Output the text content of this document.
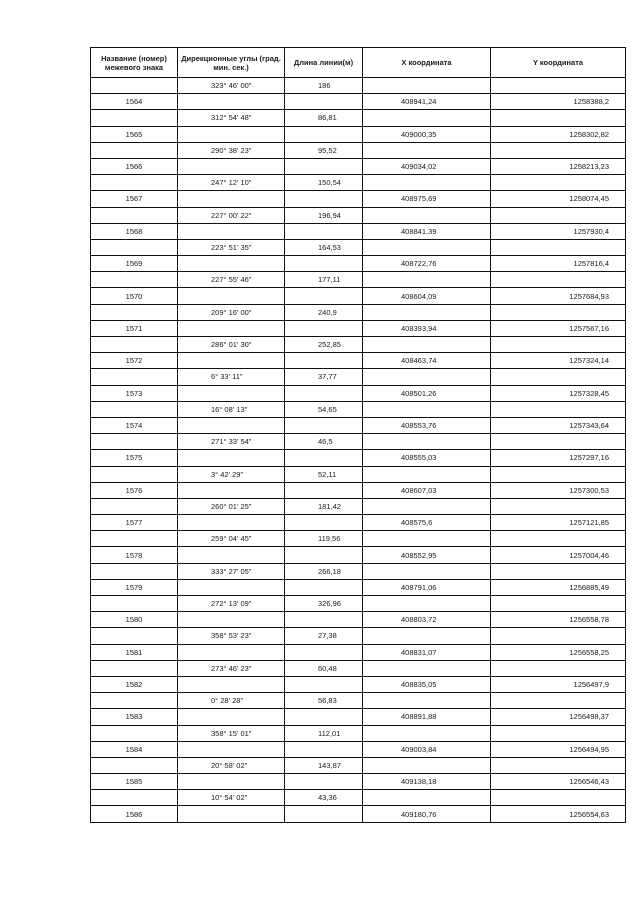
Название (номер) межевого знака	Дирекционные углы (град. мин. сек.)	Длина линии(м)	X координата	Y координата
	323° 46' 00"	186		
1564			408941,24	1258388,2
	312° 54' 48"	86,81		
1565			409000,35	1258302,82
	290° 38' 23"	95,52		
1566			409034,02	1258213,23
	247° 12' 10"	150,54		
1567			408975,69	1258074,45
	227° 00' 22"	196,94		
1568			408841,39	1257930,4
	223° 51' 35"	164,53		
1569			408722,76	1257816,4
	227° 55' 46"	177,11		
1570			408604,09	1257684,93
	209° 16' 00"	240,9		
1571			408393,94	1257567,16
	286° 01' 30"	252,85		
1572			408463,74	1257324,14
	6° 33' 11"	37,77		
1573			408501,26	1257328,45
	16° 08' 13"	54,65		
1574			408553,76	1257343,64
	271° 33' 54"	46,5		
1575			408555,03	1257297,16
	3° 42' 29"	52,11		
1576			408607,03	1257300,53
	260° 01' 25"	181,42		
1577			408575,6	1257121,85
	259° 04' 45"	119,56		
1578			408552,95	1257004,46
	333° 27' 05"	266,18		
1579			408791,06	1256885,49
	272° 13' 09"	326,96		
1580			408803,72	1256558,78
	358° 53' 23"	27,38		
1581			408831,07	1256558,25
	273° 46' 23"	60,48		
1582			408835,05	1256497,9
	0° 28' 28"	56,83		
1583			408891,88	1256498,37
	358° 15' 01"	112,01		
1584			409003,84	1256494,95
	20° 58' 02"	143,87		
1585			409138,18	1256546,43
	10° 54' 02"	43,36		
1586			409180,76	1256554,63
